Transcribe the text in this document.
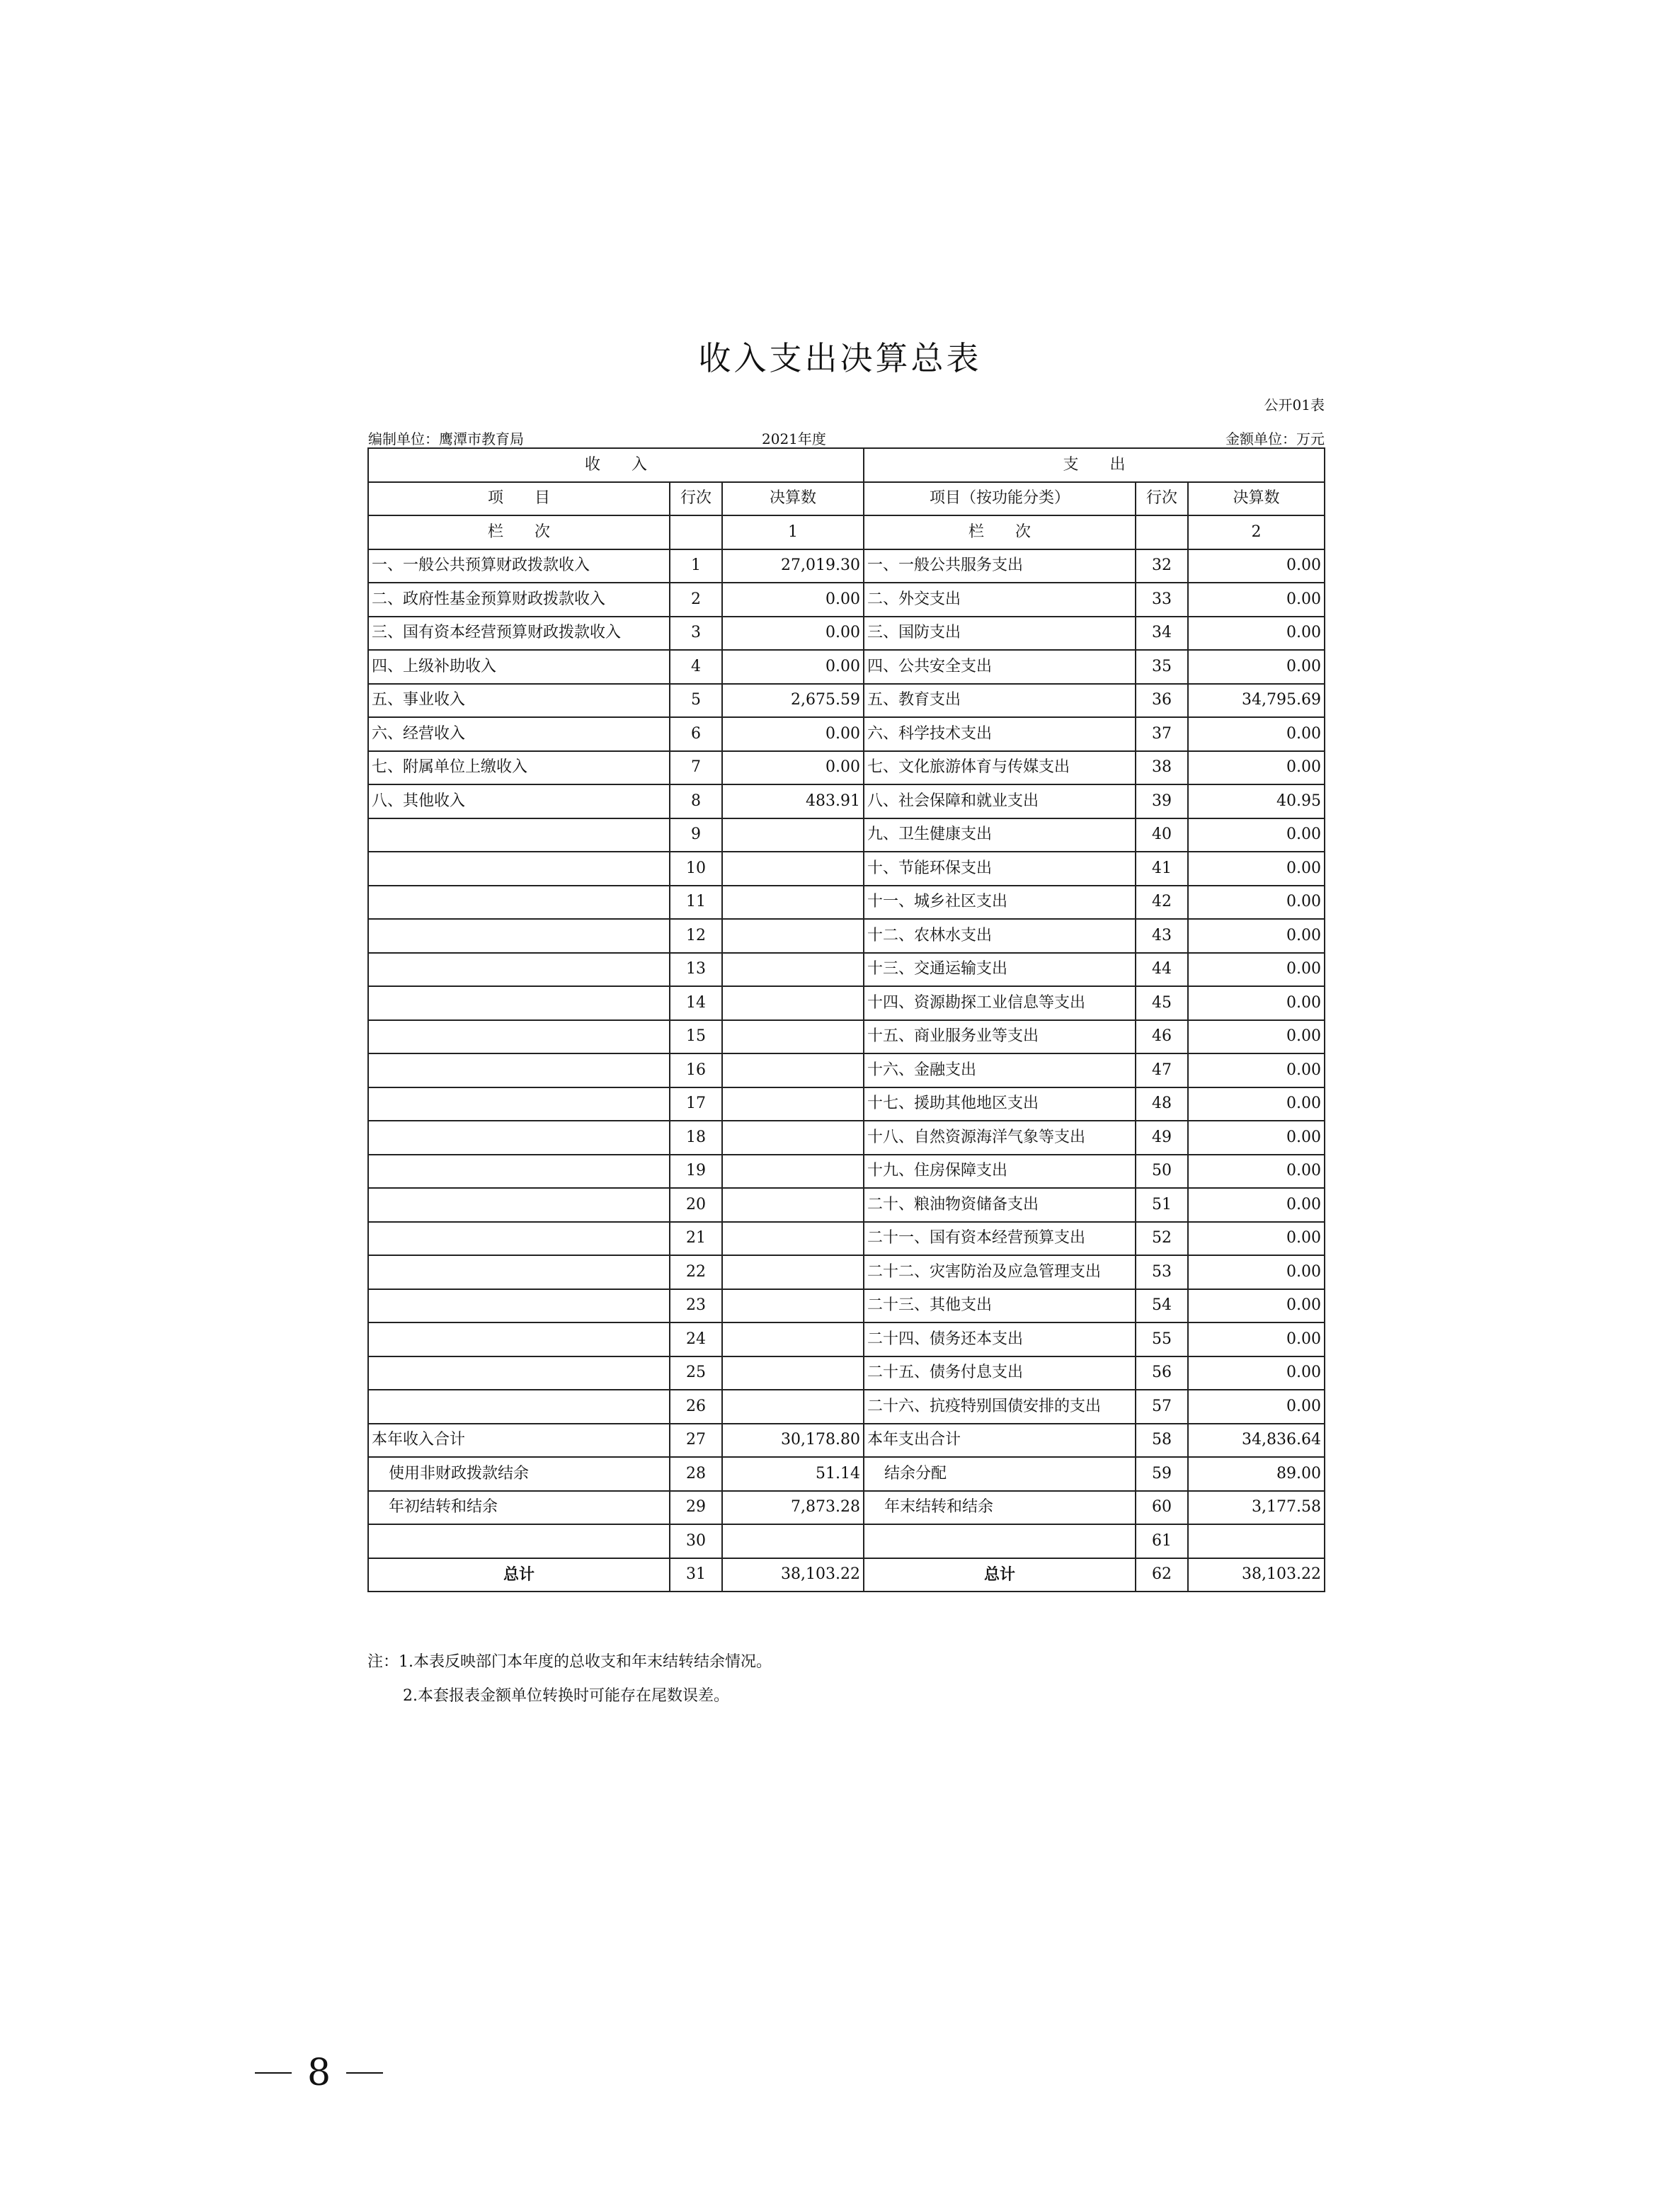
收入支出决算总表
公开01表
编制单位：鹰潭市教育局	2021年度	金额单位：万元
收　　入			支　　出		
项　　目	行次	决算数	项目（按功能分类）	行次	决算数
栏　　次		1	栏　　次		2
一、一般公共预算财政拨款收入	1	27,019.30	一、一般公共服务支出	32	0.00
二、政府性基金预算财政拨款收入	2	0.00	二、外交支出	33	0.00
三、国有资本经营预算财政拨款收入	3	0.00	三、国防支出	34	0.00
四、上级补助收入	4	0.00	四、公共安全支出	35	0.00
五、事业收入	5	2,675.59	五、教育支出	36	34,795.69
六、经营收入	6	0.00	六、科学技术支出	37	0.00
七、附属单位上缴收入	7	0.00	七、文化旅游体育与传媒支出	38	0.00
八、其他收入	8	483.91	八、社会保障和就业支出	39	40.95
	9		九、卫生健康支出	40	0.00
	10		十、节能环保支出	41	0.00
	11		十一、城乡社区支出	42	0.00
	12		十二、农林水支出	43	0.00
	13		十三、交通运输支出	44	0.00
	14		十四、资源勘探工业信息等支出	45	0.00
	15		十五、商业服务业等支出	46	0.00
	16		十六、金融支出	47	0.00
	17		十七、援助其他地区支出	48	0.00
	18		十八、自然资源海洋气象等支出	49	0.00
	19		十九、住房保障支出	50	0.00
	20		二十、粮油物资储备支出	51	0.00
	21		二十一、国有资本经营预算支出	52	0.00
	22		二十二、灾害防治及应急管理支出	53	0.00
	23		二十三、其他支出	54	0.00
	24		二十四、债务还本支出	55	0.00
	25		二十五、债务付息支出	56	0.00
	26		二十六、抗疫特别国债安排的支出	57	0.00
本年收入合计	27	30,178.80	本年支出合计	58	34,836.64
使用非财政拨款结余	28	51.14	结余分配	59	89.00
年初结转和结余	29	7,873.28	年末结转和结余	60	3,177.58
	30			61	
总计	31	38,103.22	总计	62	38,103.22
注：1.本表反映部门本年度的总收支和年末结转结余情况。
2.本套报表金额单位转换时可能存在尾数误差。
8
